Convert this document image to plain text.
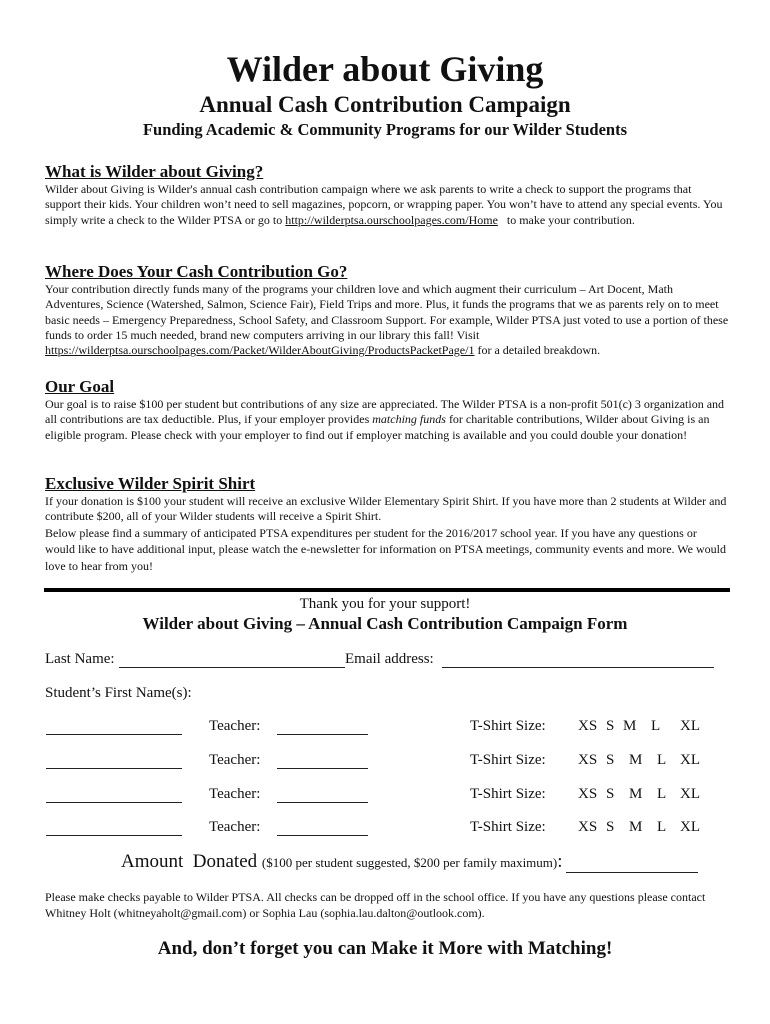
Wilder about Giving
Annual Cash Contribution Campaign
Funding Academic & Community Programs for our Wilder Students
What is Wilder about Giving?
Wilder about Giving is Wilder's annual cash contribution campaign where we ask parents to write a check to support the programs that support their kids. Your children won’t need to sell magazines, popcorn, or wrapping paper. You won’t have to attend any special events. You simply write a check to the Wilder PTSA or go to http://wilderptsa.ourschoolpages.com/Home   to make your contribution.
Where Does Your Cash Contribution Go?
Your contribution directly funds many of the programs your children love and which augment their curriculum – Art Docent, Math Adventures, Science (Watershed, Salmon, Science Fair), Field Trips and more. Plus, it funds the programs that we as parents rely on to meet basic needs – Emergency Preparedness, School Safety, and Classroom Support. For example, Wilder PTSA just voted to use a portion of these funds to order 15 much needed, brand new computers arriving in our library this fall! Visit https://wilderptsa.ourschoolpages.com/Packet/WilderAboutGiving/ProductsPacketPage/1 for a detailed breakdown.
Our Goal
Our goal is to raise $100 per student but contributions of any size are appreciated. The Wilder PTSA is a non-profit 501(c) 3 organization and all contributions are tax deductible. Plus, if your employer provides matching funds for charitable contributions, Wilder about Giving is an eligible program. Please check with your employer to find out if employer matching is available and you could double your donation!
Exclusive Wilder Spirit Shirt

If your donation is $100 your student will receive an exclusive Wilder Elementary Spirit Shirt. If you have more than 2 students at Wilder and contribute $200, all of your Wilder students will receive a Spirit Shirt.

Below please find a summary of anticipated PTSA expenditures per student for the 2016/2017 school year. If you have any questions or would like to have additional input, please watch the e-newsletter for information on PTSA meetings, community events and more. We would love to hear from you!

Thank you for your support!
Wilder about Giving – Annual Cash Contribution Campaign Form
Last Name:	Email address:
Student’s First Name(s):
Teacher:	T-Shirt Size: XS S M L XL
Teacher:	T-Shirt Size: XS S M L XL
Teacher:	T-Shirt Size: XS S M L XL
Teacher:	T-Shirt Size: XS S M L XL
Amount  Donated ($100 per student suggested, $200 per family maximum):
Please make checks payable to Wilder PTSA. All checks can be dropped off in the school office. If you have any questions please contact Whitney Holt (whitneyaholt@gmail.com) or Sophia Lau (sophia.lau.dalton@outlook.com).
And, don’t forget you can Make it More with Matching!
